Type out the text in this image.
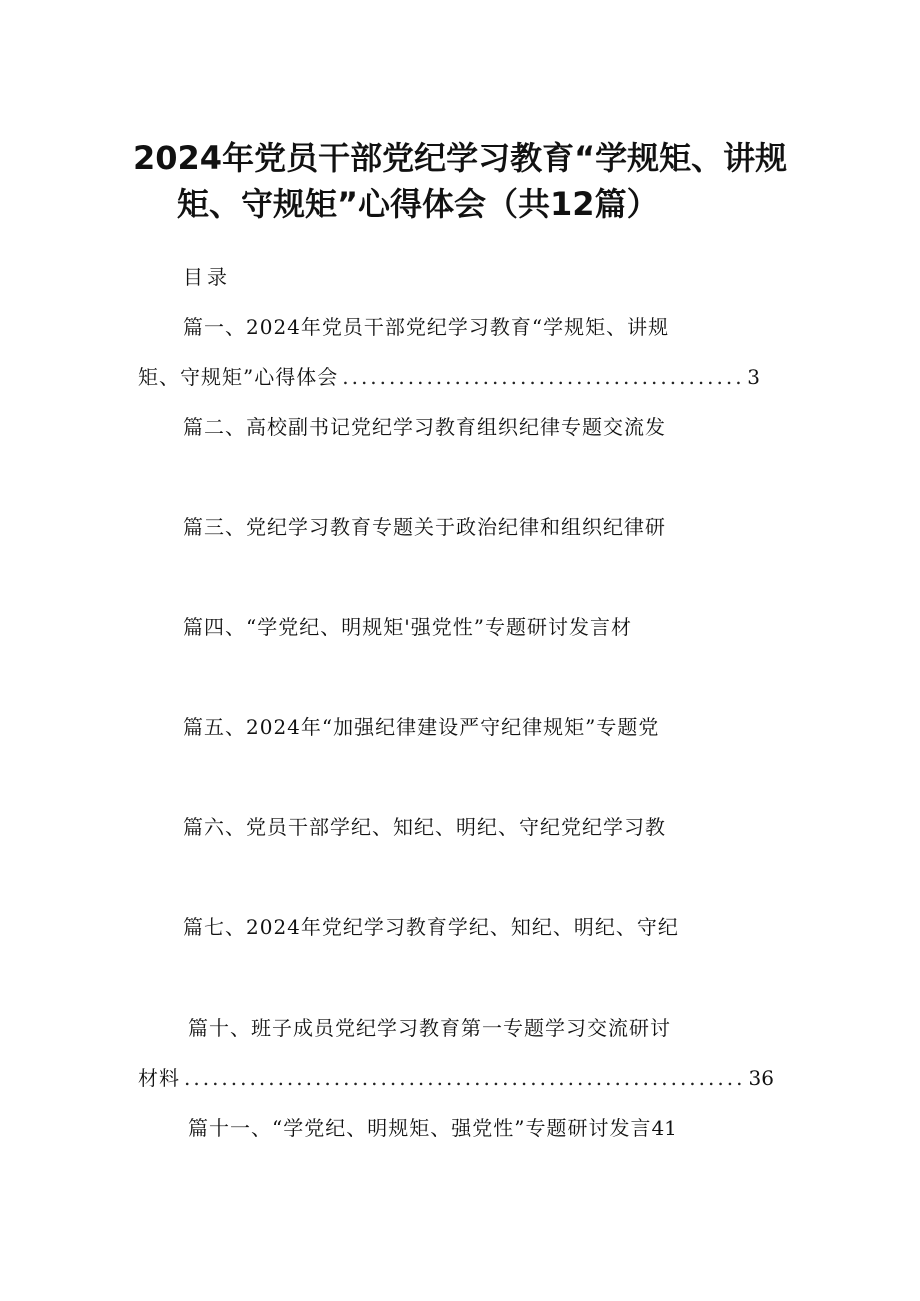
2024年党员干部党纪学习教育“学规矩、讲规
矩、守规矩”心得体会（共12篇）
目录
篇一、2024年党员干部党纪学习教育“学规矩、讲规
矩、守规矩”心得体会 .....	3
篇二、高校副书记党纪学习教育组织纪律专题交流发
篇三、党纪学习教育专题关于政治纪律和组织纪律研
篇四、“学党纪、明规矩'强党性”专题研讨发言材
篇五、2024年“加强纪律建设严守纪律规矩”专题党
篇六、党员干部学纪、知纪、明纪、守纪党纪学习教
篇七、2024年党纪学习教育学纪、知纪、明纪、守纪
篇十、班子成员党纪学习教育第一专题学习交流研讨
材料 .....	36
篇十一、“学党纪、明规矩、强党性”专题研讨发言 41
